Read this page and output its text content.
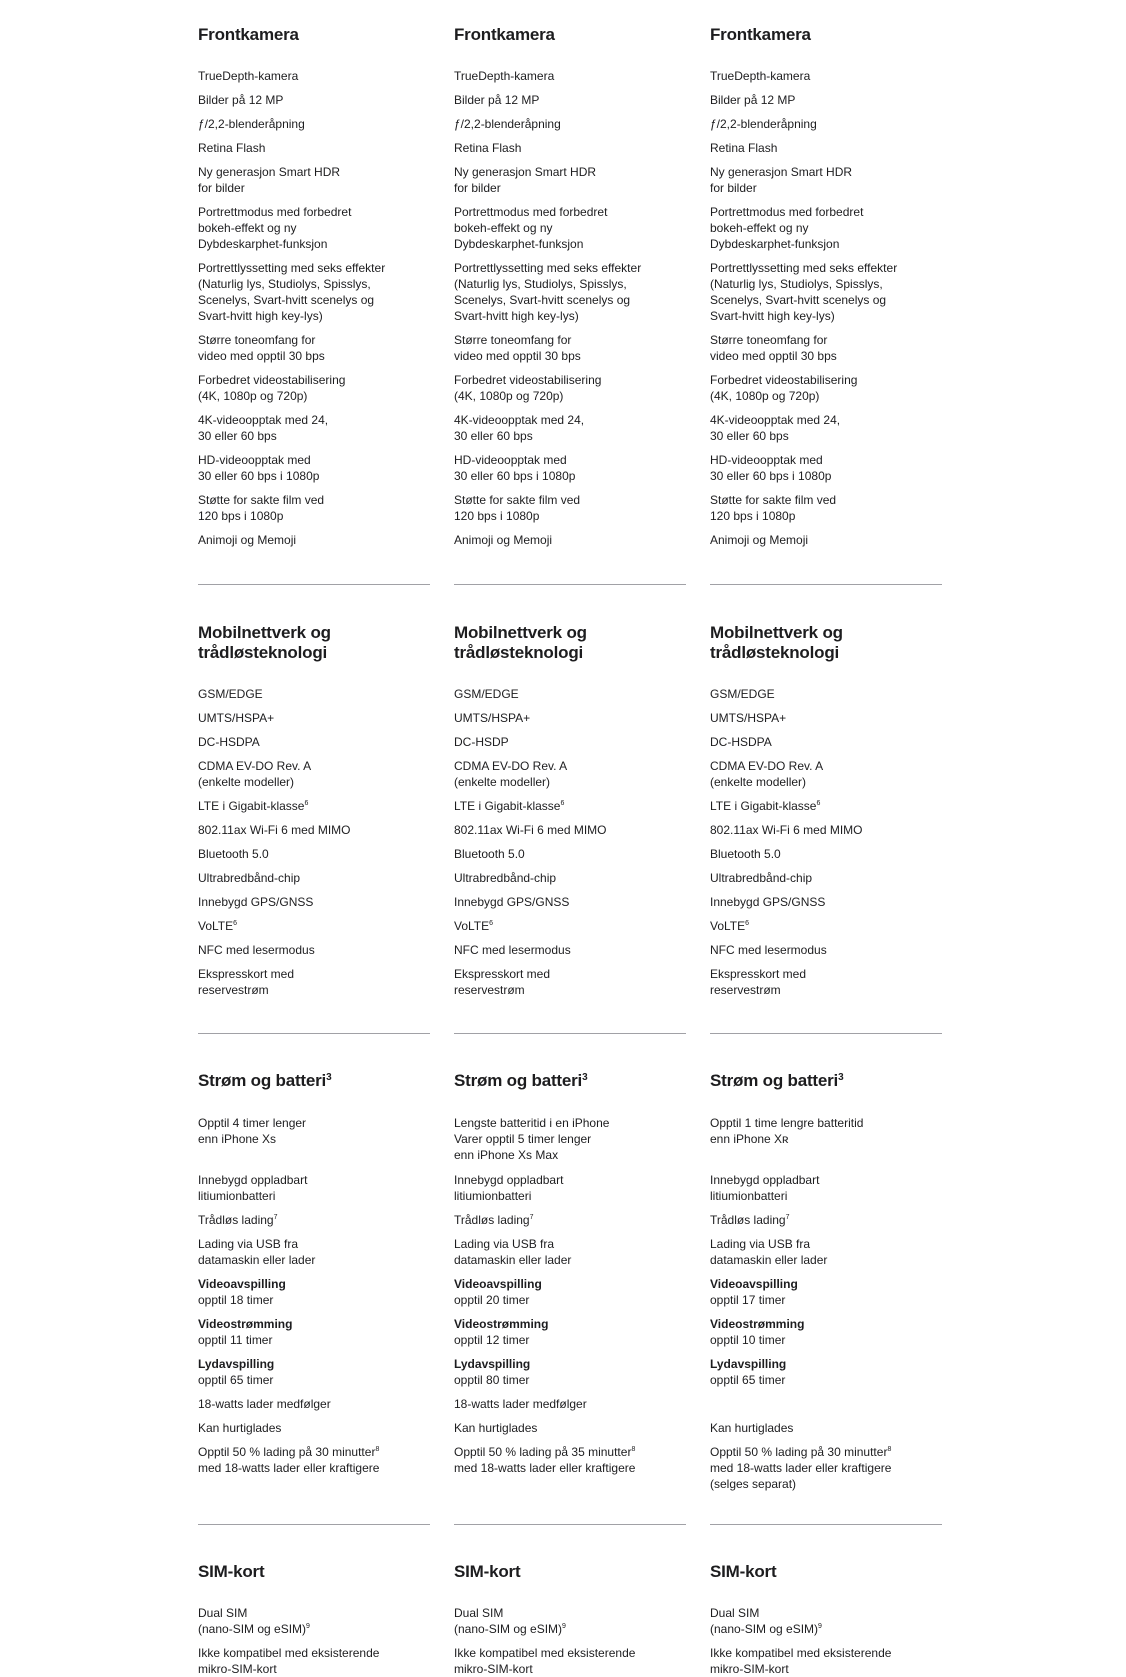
Frontkamera
TrueDepth-kamera
Bilder på 12 MP
ƒ/2,2-blenderåpning
Retina Flash
Ny generasjon Smart HDR
for bilder
Portrettmodus med forbedret
bokeh-effekt og ny
Dybdeskarphet-funksjon
Portrettlyssetting med seks effekter
(Naturlig lys, Studiolys, Spisslys,
Scenelys, Svart-hvitt scenelys og
Svart-hvitt high key-lys)
Større toneomfang for
video med opptil 30 bps
Forbedret videostabilisering
(4K, 1080p og 720p)
4K-videoopptak med 24,
30 eller 60 bps
HD-videoopptak med
30 eller 60 bps i 1080p
Støtte for sakte film ved
120 bps i 1080p
Animoji og Memoji
Mobilnettverk og
trådløsteknologi
GSM/EDGE
UMTS/HSPA+
DC-HSDPA
CDMA EV-DO Rev. A
(enkelte modeller)
LTE i Gigabit-klasse$^6$
802.11ax Wi-Fi 6 med MIMO
Bluetooth 5.0
Ultrabredbånd-chip
Innebygd GPS/GNSS
VoLTE$^6$
NFC med lesermodus
Ekspresskort med
reservestrøm
Strøm og batteri$^3$
Opptil 4 timer lenger
enn iPhone Xs
Innebygd oppladbart
litiumionbatteri
Trådløs lading$^7$
Lading via USB fra
datamaskin eller lader
Videoavspilling
opptil 18 timer
Videostrømming
opptil 11 timer
Lydavspilling
opptil 65 timer
18-watts lader medfølger
Kan hurtiglades
Opptil 50 % lading på 30 minutter$^8$
med 18-watts lader eller kraftigere
SIM-kort
Dual SIM
(nano-SIM og eSIM)$^9$
Ikke kompatibel med eksisterende
mikro-SIM-kort
Frontkamera
TrueDepth-kamera
Bilder på 12 MP
ƒ/2,2-blenderåpning
Retina Flash
Ny generasjon Smart HDR
for bilder
Portrettmodus med forbedret
bokeh-effekt og ny
Dybdeskarphet-funksjon
Portrettlyssetting med seks effekter
(Naturlig lys, Studiolys, Spisslys,
Scenelys, Svart-hvitt scenelys og
Svart-hvitt high key-lys)
Større toneomfang for
video med opptil 30 bps
Forbedret videostabilisering
(4K, 1080p og 720p)
4K-videoopptak med 24,
30 eller 60 bps
HD-videoopptak med
30 eller 60 bps i 1080p
Støtte for sakte film ved
120 bps i 1080p
Animoji og Memoji
Mobilnettverk og
trådløsteknologi
GSM/EDGE
UMTS/HSPA+
DC-HSDP
CDMA EV-DO Rev. A
(enkelte modeller)
LTE i Gigabit-klasse$^6$
802.11ax Wi-Fi 6 med MIMO
Bluetooth 5.0
Ultrabredbånd-chip
Innebygd GPS/GNSS
VoLTE$^6$
NFC med lesermodus
Ekspresskort med
reservestrøm
Strøm og batteri$^3$
Lengste batteritid i en iPhone
Varer opptil 5 timer lenger
enn iPhone Xs Max
Innebygd oppladbart
litiumionbatteri
Trådløs lading$^7$
Lading via USB fra
datamaskin eller lader
Videoavspilling
opptil 20 timer
Videostrømming
opptil 12 timer
Lydavspilling
opptil 80 timer
18-watts lader medfølger
Kan hurtiglades
Opptil 50 % lading på 35 minutter$^8$
med 18-watts lader eller kraftigere
SIM-kort
Dual SIM
(nano-SIM og eSIM)$^9$
Ikke kompatibel med eksisterende
mikro-SIM-kort
Frontkamera
TrueDepth-kamera
Bilder på 12 MP
ƒ/2,2-blenderåpning
Retina Flash
Ny generasjon Smart HDR
for bilder
Portrettmodus med forbedret
bokeh-effekt og ny
Dybdeskarphet-funksjon
Portrettlyssetting med seks effekter
(Naturlig lys, Studiolys, Spisslys,
Scenelys, Svart-hvitt scenelys og
Svart-hvitt high key-lys)
Større toneomfang for
video med opptil 30 bps
Forbedret videostabilisering
(4K, 1080p og 720p)
4K-videoopptak med 24,
30 eller 60 bps
HD-videoopptak med
30 eller 60 bps i 1080p
Støtte for sakte film ved
120 bps i 1080p
Animoji og Memoji
Mobilnettverk og
trådløsteknologi
GSM/EDGE
UMTS/HSPA+
DC-HSDPA
CDMA EV-DO Rev. A
(enkelte modeller)
LTE i Gigabit-klasse$^6$
802.11ax Wi-Fi 6 med MIMO
Bluetooth 5.0
Ultrabredbånd-chip
Innebygd GPS/GNSS
VoLTE$^6$
NFC med lesermodus
Ekspresskort med
reservestrøm
Strøm og batteri$^3$
Opptil 1 time lengre batteritid
enn iPhone Xʀ
Innebygd oppladbart
litiumionbatteri
Trådløs lading$^7$
Lading via USB fra
datamaskin eller lader
Videoavspilling
opptil 17 timer
Videostrømming
opptil 10 timer
Lydavspilling
opptil 65 timer
Kan hurtiglades
Opptil 50 % lading på 30 minutter$^8$
med 18-watts lader eller kraftigere
(selges separat)
SIM-kort
Dual SIM
(nano-SIM og eSIM)$^9$
Ikke kompatibel med eksisterende
mikro-SIM-kort
